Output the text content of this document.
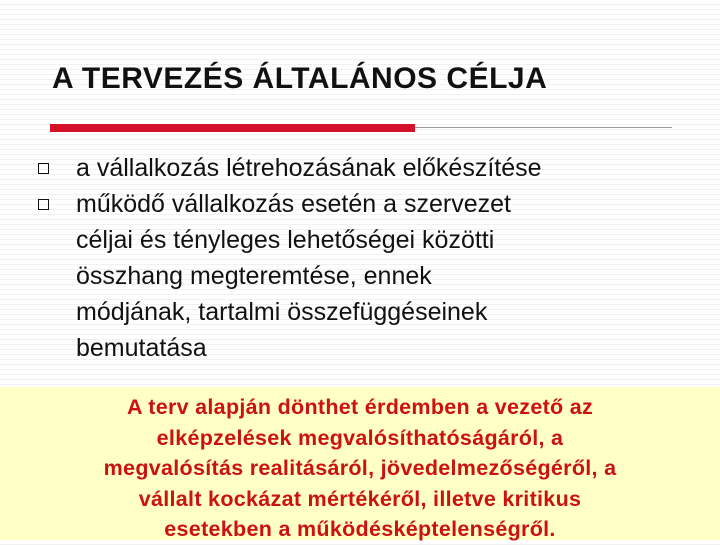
A TERVEZÉS ÁLTALÁNOS CÉLJA
a vállalkozás létrehozásának előkészítése
működő vállalkozás esetén a szervezet
céljai és tényleges lehetőségei közötti
összhang megteremtése, ennek
módjának, tartalmi összefüggéseinek
bemutatása
A terv alapján dönthet érdemben a vezető az
elképzelések megvalósíthatóságáról, a
megvalósítás realitásáról, jövedelmezőségéről, a
vállalt kockázat mértékéről, illetve kritikus
esetekben a működésképtelenségről.
